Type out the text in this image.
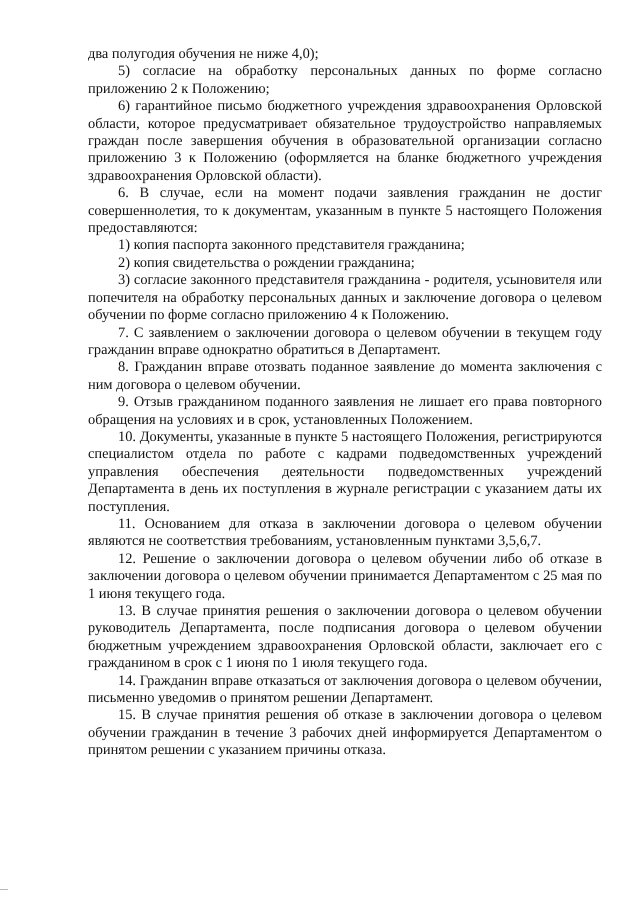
два полугодия обучения не ниже 4,0);

5) согласие на обработку персональных данных по форме согласно приложению 2 к Положению;

6) гарантийное письмо бюджетного учреждения здравоохранения Орловской области, которое предусматривает обязательное трудоустройство направляемых граждан после завершения обучения в образовательной организации согласно приложению 3 к Положению (оформляется на бланке бюджетного учреждения здравоохранения Орловской области).

6. В случае, если на момент подачи заявления гражданин не достиг совершеннолетия, то к документам, указанным в пункте 5 настоящего Положения предоставляются:

1) копия паспорта законного представителя гражданина;

2) копия свидетельства о рождении гражданина;

3) согласие законного представителя гражданина - родителя, усыновителя или попечителя на обработку персональных данных и заключение договора о целевом обучении по форме согласно приложению 4 к Положению.

7. С заявлением о заключении договора о целевом обучении в текущем году гражданин вправе однократно обратиться в Департамент.

8. Гражданин вправе отозвать поданное заявление до момента заключения с ним договора о целевом обучении.

9. Отзыв гражданином поданного заявления не лишает его права повторного обращения на условиях и в срок, установленных Положением.

10. Документы, указанные в пункте 5 настоящего Положения, регистрируются специалистом отдела по работе с кадрами подведомственных учреждений управления обеспечения деятельности подведомственных учреждений Департамента в день их поступления в журнале регистрации с указанием даты их поступления.

11. Основанием для отказа в заключении договора о целевом обучении являются не соответствия требованиям, установленным пунктами 3,5,6,7.

12. Решение о заключении договора о целевом обучении либо об отказе в заключении договора о целевом обучении принимается Департаментом с 25 мая по 1 июня текущего года.

13. В случае принятия решения о заключении договора о целевом обучении руководитель Департамента, после подписания договора о целевом обучении бюджетным учреждением здравоохранения Орловской области, заключает его с гражданином в срок с 1 июня по 1 июля текущего года.

14. Гражданин вправе отказаться от заключения договора о целевом обучении, письменно уведомив о принятом решении Департамент.

15. В случае принятия решения об отказе в заключении договора о целевом обучении гражданин в течение 3 рабочих дней информируется Департаментом о принятом решении с указанием причины отказа.
